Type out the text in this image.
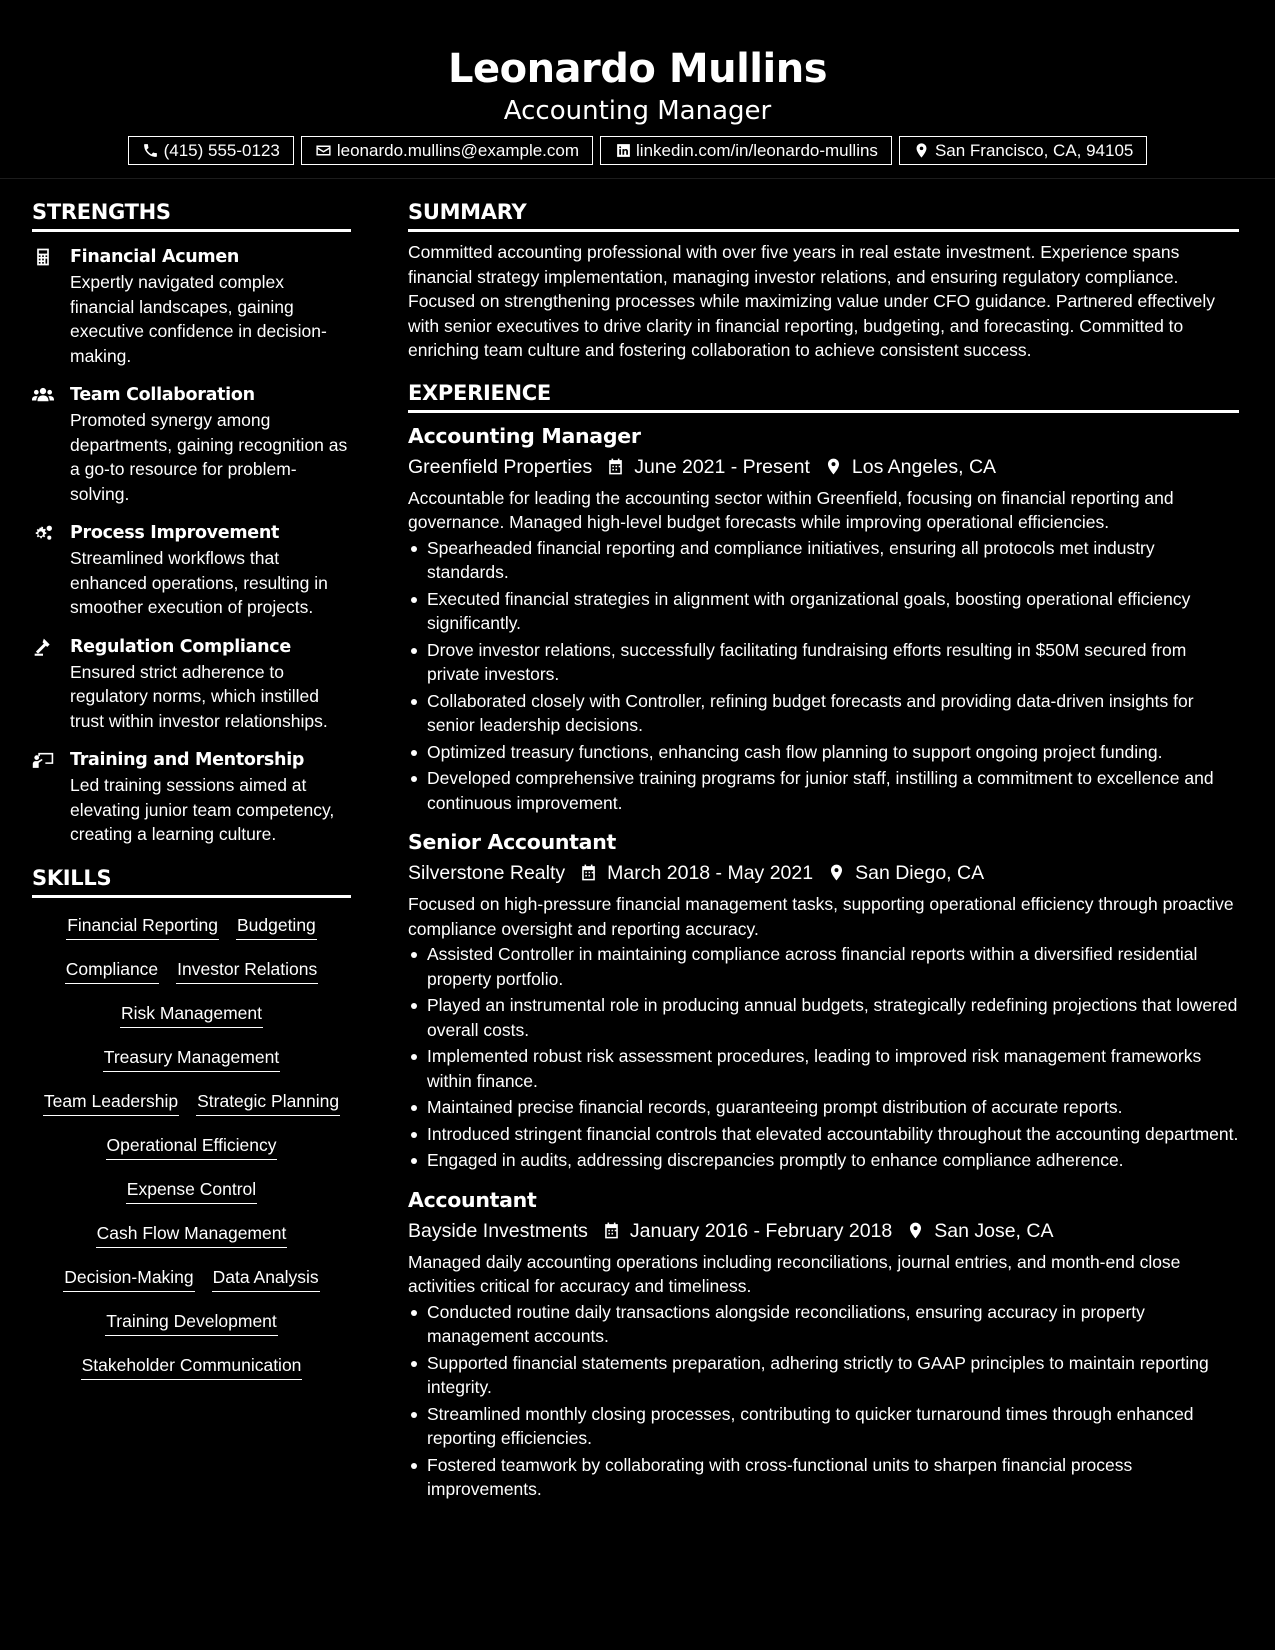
Leonardo Mullins
Accounting Manager
(415) 555-0123	leonardo.mullins@example.com	linkedin.com/in/leonardo-mullins	San Francisco, CA, 94105
STRENGTHS
Financial Acumen
Expertly navigated complex financial landscapes, gaining executive confidence in decision-making.
Team Collaboration
Promoted synergy among departments, gaining recognition as a go-to resource for problem-solving.
Process Improvement
Streamlined workflows that enhanced operations, resulting in smoother execution of projects.
Regulation Compliance
Ensured strict adherence to regulatory norms, which instilled trust within investor relationships.
Training and Mentorship
Led training sessions aimed at elevating junior team competency, creating a learning culture.
SKILLS
Financial Reporting Budgeting
Compliance Investor Relations
Risk Management
Treasury Management
Team Leadership Strategic Planning
Operational Efficiency
Expense Control
Cash Flow Management
Decision-Making Data Analysis
Training Development
Stakeholder Communication
SUMMARY
Committed accounting professional with over five years in real estate investment. Experience spans financial strategy implementation, managing investor relations, and ensuring regulatory compliance. Focused on strengthening processes while maximizing value under CFO guidance. Partnered effectively with senior executives to drive clarity in financial reporting, budgeting, and forecasting. Committed to enriching team culture and fostering collaboration to achieve consistent success.
EXPERIENCE
Accounting Manager
Greenfield Properties June 2021 - Present Los Angeles, CA
Accountable for leading the accounting sector within Greenfield, focusing on financial reporting and governance. Managed high-level budget forecasts while improving operational efficiencies.
Spearheaded financial reporting and compliance initiatives, ensuring all protocols met industry standards.
Executed financial strategies in alignment with organizational goals, boosting operational efficiency significantly.
Drove investor relations, successfully facilitating fundraising efforts resulting in $50M secured from private investors.
Collaborated closely with Controller, refining budget forecasts and providing data-driven insights for senior leadership decisions.
Optimized treasury functions, enhancing cash flow planning to support ongoing project funding.
Developed comprehensive training programs for junior staff, instilling a commitment to excellence and continuous improvement.
Senior Accountant
Silverstone Realty March 2018 - May 2021 San Diego, CA
Focused on high-pressure financial management tasks, supporting operational efficiency through proactive compliance oversight and reporting accuracy.
Assisted Controller in maintaining compliance across financial reports within a diversified residential property portfolio.
Played an instrumental role in producing annual budgets, strategically redefining projections that lowered overall costs.
Implemented robust risk assessment procedures, leading to improved risk management frameworks within finance.
Maintained precise financial records, guaranteeing prompt distribution of accurate reports.
Introduced stringent financial controls that elevated accountability throughout the accounting department.
Engaged in audits, addressing discrepancies promptly to enhance compliance adherence.
Accountant
Bayside Investments January 2016 - February 2018 San Jose, CA
Managed daily accounting operations including reconciliations, journal entries, and month-end close activities critical for accuracy and timeliness.
Conducted routine daily transactions alongside reconciliations, ensuring accuracy in property management accounts.
Supported financial statements preparation, adhering strictly to GAAP principles to maintain reporting integrity.
Streamlined monthly closing processes, contributing to quicker turnaround times through enhanced reporting efficiencies.
Fostered teamwork by collaborating with cross-functional units to sharpen financial process improvements.
